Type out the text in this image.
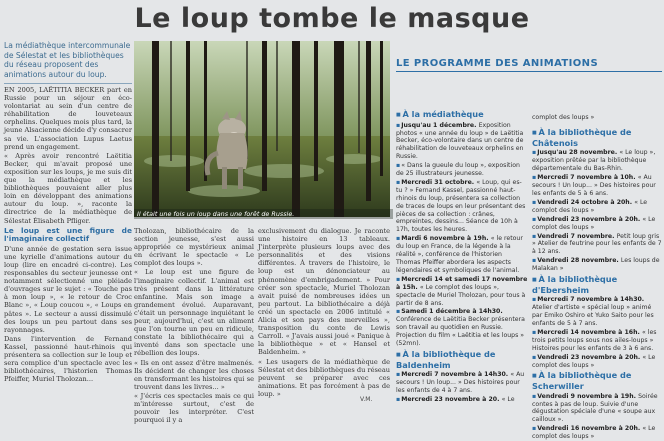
Le loup tombe le masque
La médiathèque intercommunale de Sélestat et les bibliothèques du réseau proposent des animations autour du loup.

EN 2005, LAËTITIA BECKER part en Russie pour un séjour en éco-volontariat au sein d'un centre de réhabilitation de louveteaux orphelins. Quelques mois plus tard, la jeune Alsacienne décide d'y consacrer sa vie. L'association Lupus Laetus prend un engagement.

« Après avoir rencontré Laëtitia Becker, qui m'avait proposé une exposition sur les loups, je me suis dit que la médiathèque et les bibliothèques pouvaient aller plus loin en développant des animations autour du loup. », raconte la directrice de la médiathèque de Sélestat Élisabeth Pfliger.

Le loup est une figure de l'imaginaire collectif

D'une année de gestation sera issue une kyrielle d'animations autour du loup (lire en encadré ci-contre). Les responsables du secteur jeunesse ont notamment sélectionné une pléiade d'ouvrages sur le sujet : « Touche pas à mon loup », « le retour de Croc Blanc », « Loup coucou », « Loups en pâtes ». Le secteur a aussi dissimulé des loups un peu partout dans ses rayonnages.

Dans l'intervention de Fernand Kassel, passionné haut-rhinois qui présentera sa collection sur le loup et sera complice d'un spectacle avec les bibliothécaires, l'historien Thomas Pfeiffer, Muriel Tholozan...

Il était une fois un loup dans une forêt de Russie.

Tholozan, bibliothécaire de la section jeunesse, s'est aussi appropriée ce mystérieux animal en écrivant le spectacle « Le complot des loups ».

« Le loup est une figure de l'imaginaire collectif. L'animal est très présent dans la littérature enfantine. Mais son image a grandement évolué. Auparavant, c'était un personnage inquiétant le peur, aujourd'hui, c'est un aliment que l'on tourne un peu en ridicule, constate la bibliothécaire qui a inventé dans son spectacle une rébellion des loups.

« Ils en ont assez d'être malmenés. Ils décident de changer les choses en transformant les histoires qui se trouvent dans les livres... »

« J'écris ces spectacles mais ce qui m'intéresse surtout, c'est de pouvoir les interpréter. C'est pourquoi il y a

exclusivement du dialogue. Je raconte une histoire en 13 tableaux. J'interprète plusieurs loups avec des personnalités et des visions différentes. À travers de l'histoire, le loup est un dénonciateur au phénomène d'embrigadement. » Pour créer son spectacle, Muriel Tholozan avait puisé de nombreuses idées un peu partout. La bibliothécaire a déjà créé un spectacle en 2006 intitulé « Alicia et son pays des merveilles », transposition du conte de Lewis Carroll. « J'avais aussi joué « Panique à la bibliothèque » et « Hansel et Baldenheim. »

« Les usagers de la médiathèque de Sélestat et des bibliothèques du réseau peuvent se préparer avec ces animations. Et pas forcément à pas de loup. »

V.M.
LE PROGRAMME DES ANIMATIONS
■ À la médiathèque
▪ Jusqu'au 1 décembre. Exposition photos « une année du loup » de Laëtitia Becker, éco-volontaire dans un centre de réhabilitation de louveteaux orphelins en Russie.
▪ « Dans la gueule du loup », exposition de 25 illustrateurs jeunesse.
▪ Mercredi 31 octobre. « Loup, qui es-tu ? » Fernand Kassel, passionné haut-rhinois du loup, présentera sa collection de traces de loups en leur présentant des pièces de sa collection : crânes, empreintes, dessins... Séance de 10h à 17h, toutes les heures.
▪ Mardi 6 novembre à 19h. « le retour du loup en France, de la légende à la réalité », conférence de l'historien Thomas Pfeiffer abordera les aspects légendaires et symboliques de l'animal.
▪ Mercredi 14 et samedi 17 novembre à 15h. « Le complot des loups », spectacle de Muriel Tholozan, pour tous à partir de 8 ans.
▪ Samedi 1 décembre à 14h30. Conférence de Laëtitia Becker présentera son travail au quotidien en Russie. Projection du film « Laëtitia et les loups » (52mn).
■ À la bibliothèque de Baldenheim
▪ Mercredi 7 novembre à 14h30. « Au secours ! Un loup... » Des histoires pour les enfants de 4 à 7 ans.
▪ Mercredi 23 novembre à 20. « Le

complot des loups »

■ À la bibliothèque de Châtenois
▪ Jusqu'au 28 novembre. « Le loup », exposition prêtée par la bibliothèque départementale du Bas-Rhin.
▪ Mercredi 7 novembre à 10h. « Au secours ! Un loup... » Des histoires pour les enfants de 5 à 6 ans.
▪ Vendredi 24 octobre à 20h. « Le complot des loups »
▪ Vendredi 23 novembre à 20h. « Le complot des loups »
▪ Vendredi 7 novembre. Petit loup gris » Atelier de feutrine pour les enfants de 7 à 12 ans.
▪ Vendredi 28 novembre. Les loups de Malakan »
■ À la bibliothèque d'Ebersheim
▪ Mercredi 7 novembre à 14h30. Atelier d'artiste « spécial loup » animé par Emiko Oshiro et Yuko Saito pour les enfants de 5 à 7 ans.
▪ Mercredi 14 novembre à 16h. « les trois petits loups sous nos ailes-loups » Histoires pour les enfants de 3 à 6 ans.
▪ Vendredi 23 novembre à 20h. « Le complot des loups »
■ À la bibliothèque de Scherwiller
▪ Vendredi 9 novembre à 19h. Soirée contes à pas de loup. Suivie d'une dégustation spéciale d'une « soupe aux cailloux ».
▪ Vendredi 16 novembre à 20h. « Le complot des loups »
